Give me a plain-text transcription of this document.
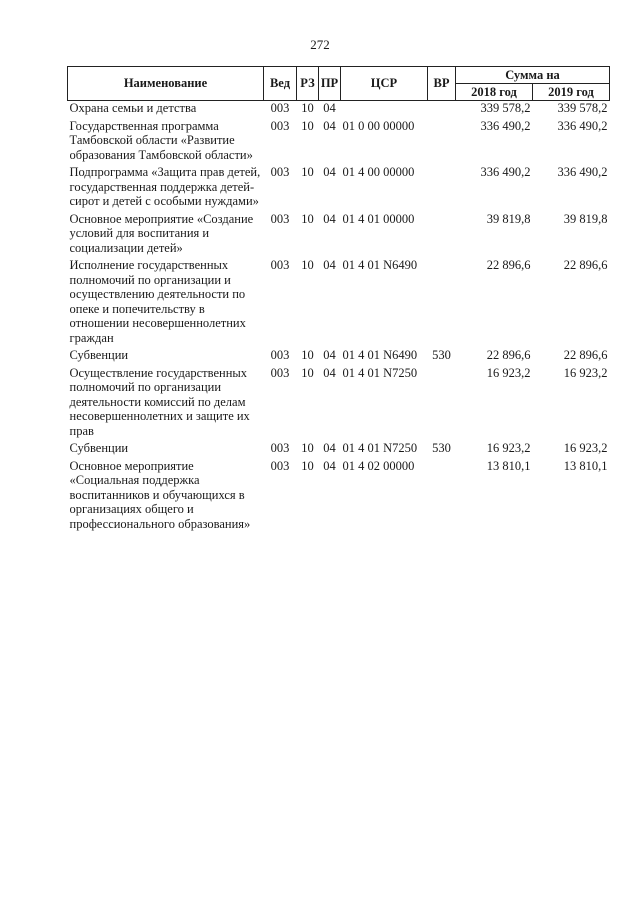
272
Наименование	Вед	РЗ	ПР	ЦСР	ВР	Сумма на	
						2018 год	2019 год
Охрана семьи и детства	003	10	04			339 578,2	339 578,2
Государственная программа Тамбовской области «Развитие образования Тамбовской области»	003	10	04	01 0 00 00000		336 490,2	336 490,2
Подпрограмма «Защита прав детей, государственная поддержка детей-сирот и детей с особыми нуждами»	003	10	04	01 4 00 00000		336 490,2	336 490,2
Основное мероприятие «Создание условий для воспитания и социализации детей»	003	10	04	01 4 01 00000		39 819,8	39 819,8
Исполнение государственных полномочий по организации и осуществлению деятельности по опеке и попечительству в отношении несовершеннолетних граждан	003	10	04	01 4 01 N6490		22 896,6	22 896,6
Субвенции	003	10	04	01 4 01 N6490	530	22 896,6	22 896,6
Осуществление государственных полномочий по организации деятельности комиссий по делам несовершеннолетних и защите их прав	003	10	04	01 4 01 N7250		16 923,2	16 923,2
Субвенции	003	10	04	01 4 01 N7250	530	16 923,2	16 923,2
Основное мероприятие «Социальная поддержка воспитанников и обучающихся в организациях общего и профессионального образования»	003	10	04	01 4 02 00000		13 810,1	13 810,1
